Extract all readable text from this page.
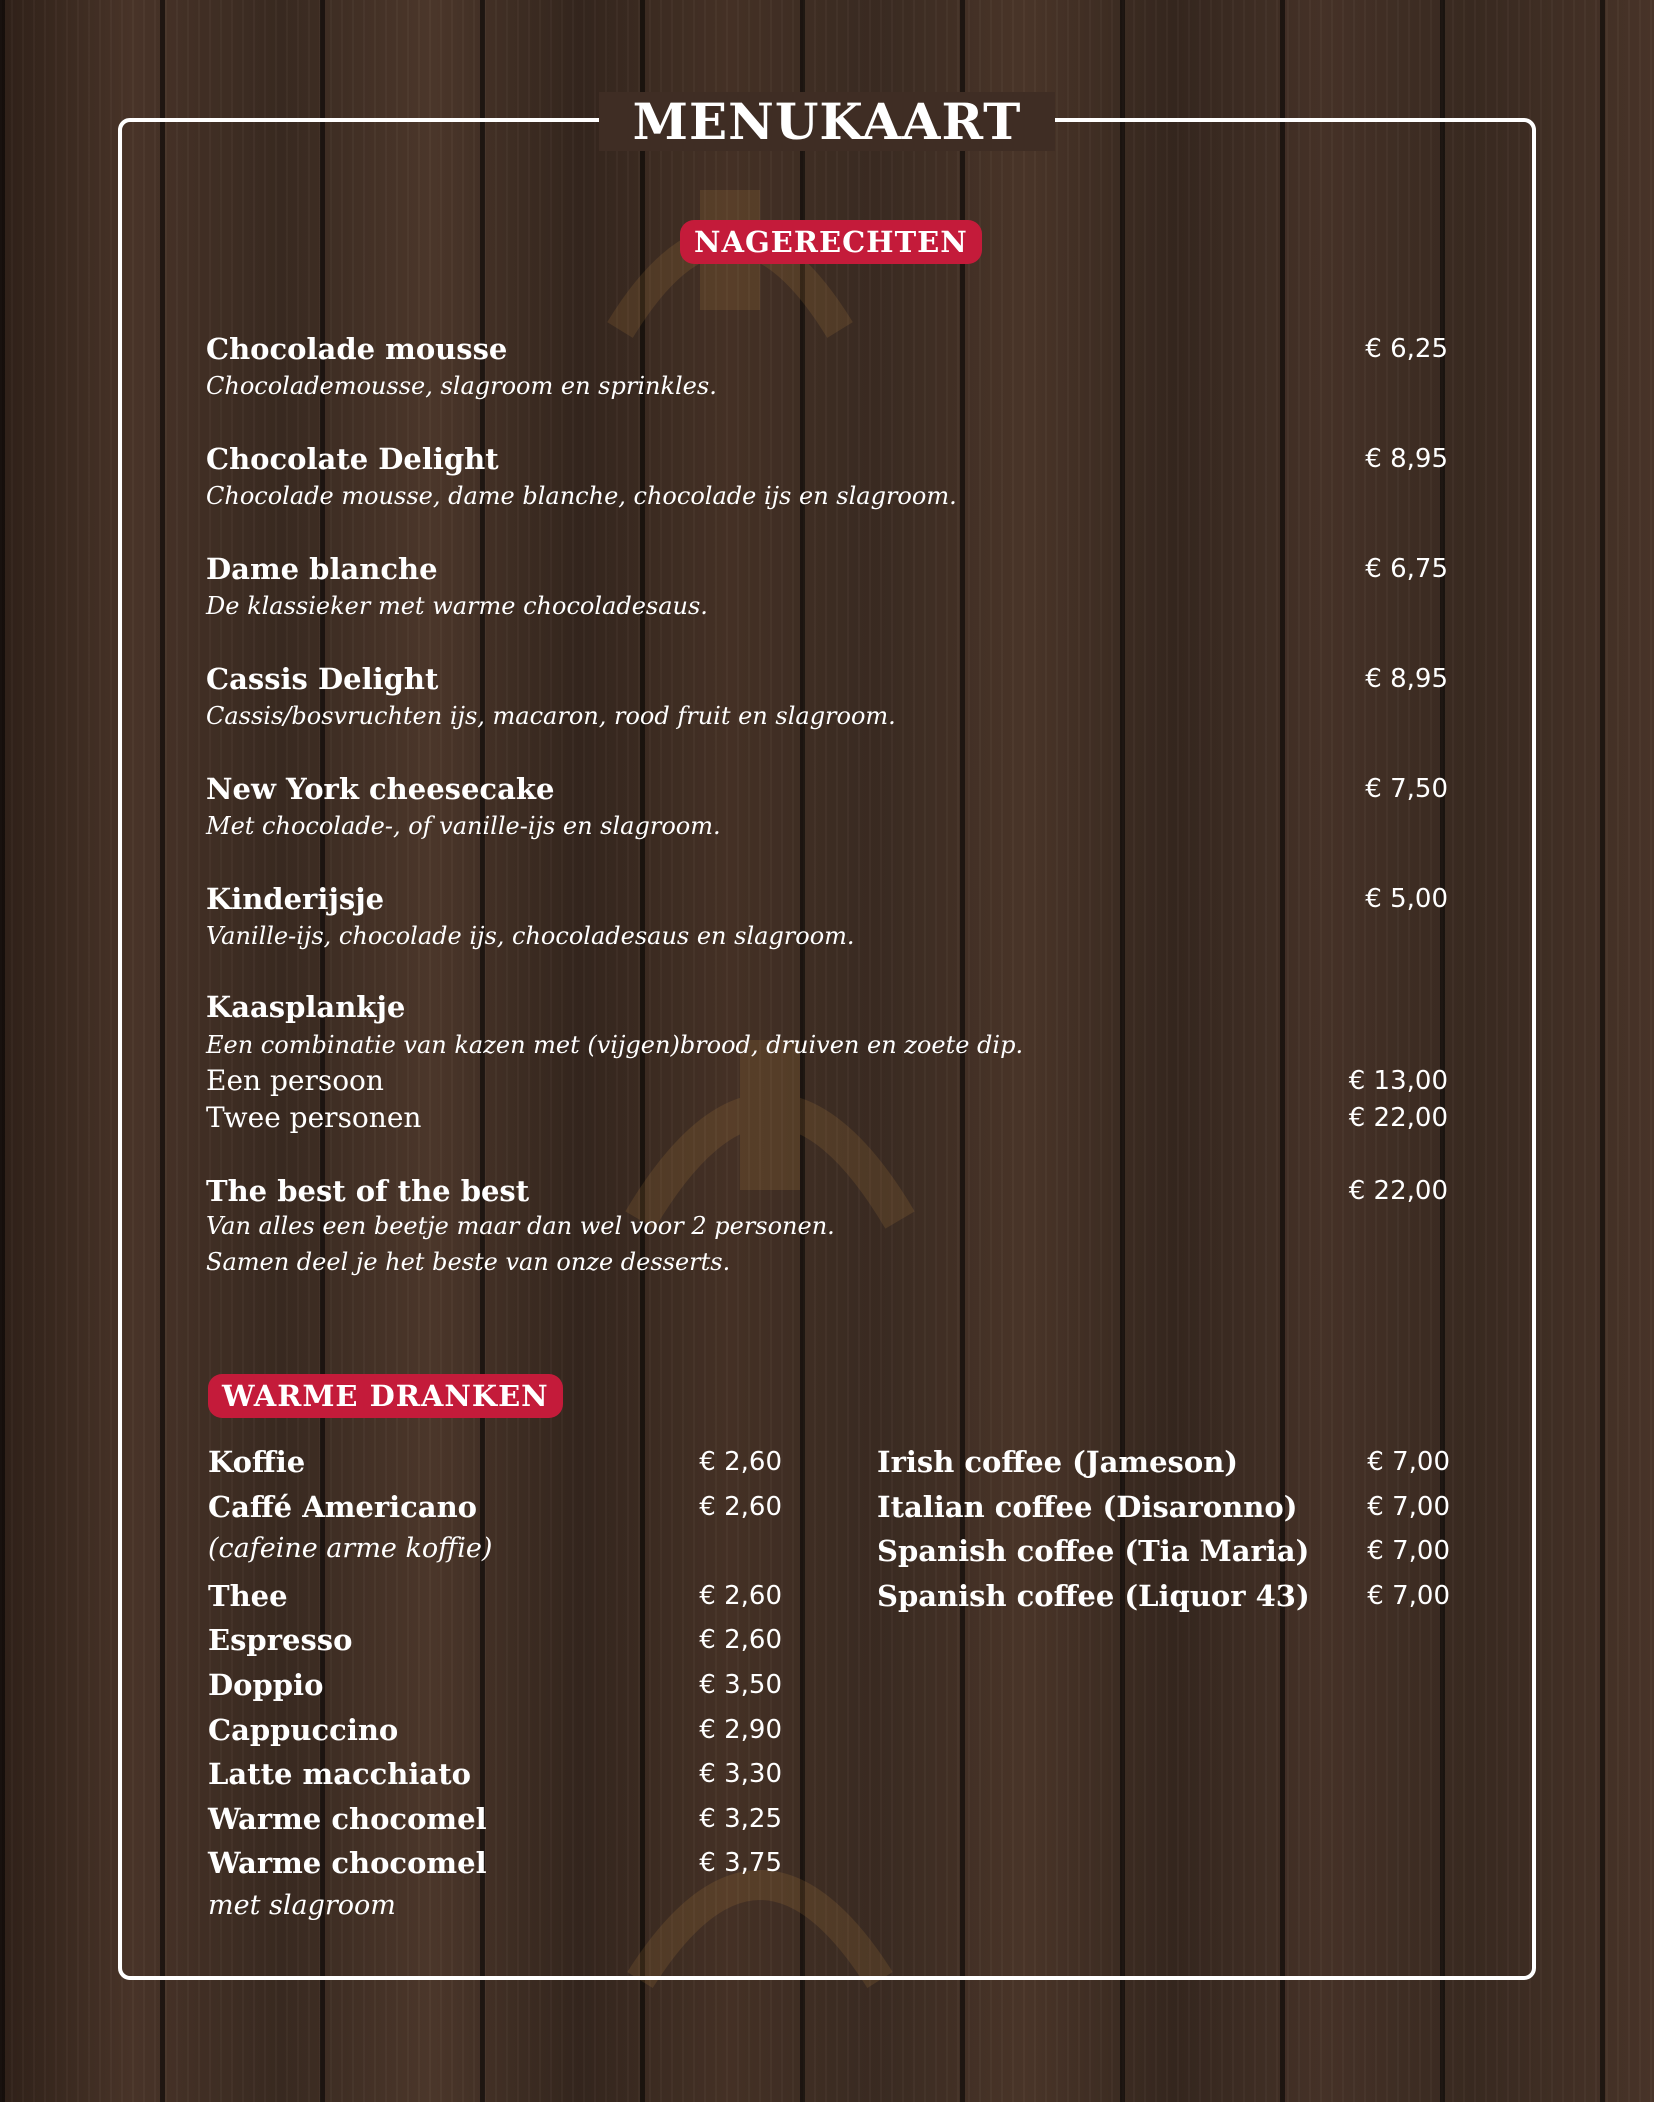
MENUKAART
NAGERECHTEN
Chocolade mousse	€ 6,25
Chocolademousse, slagroom en sprinkles.
Chocolate Delight	€ 8,95
Chocolade mousse, dame blanche, chocolade ijs en slagroom.
Dame blanche	€ 6,75
De klassieker met warme chocoladesaus.
Cassis Delight	€ 8,95
Cassis/bosvruchten ijs, macaron, rood fruit en slagroom.
New York cheesecake	€ 7,50
Met chocolade-, of vanille-ijs en slagroom.
Kinderijsje	€ 5,00
Vanille-ijs, chocolade ijs, chocoladesaus en slagroom.
Kaasplankje
Een combinatie van kazen met (vijgen)brood, druiven en zoete dip.
Een persoon	€ 13,00
Twee personen	€ 22,00
The best of the best	€ 22,00
Van alles een beetje maar dan wel voor 2 personen.
Samen deel je het beste van onze desserts.
WARME DRANKEN
Koffie	€ 2,60
Caffé Americano	€ 2,60
(cafeine arme koffie)
Thee	€ 2,60
Espresso	€ 2,60
Doppio	€ 3,50
Cappuccino	€ 2,90
Latte macchiato	€ 3,30
Warme chocomel	€ 3,25
Warme chocomel	€ 3,75
met slagroom
Irish coffee (Jameson)	€ 7,00
Italian coffee (Disaronno)	€ 7,00
Spanish coffee (Tia Maria) € 7,00
Spanish coffee (Liquor 43) € 7,00
